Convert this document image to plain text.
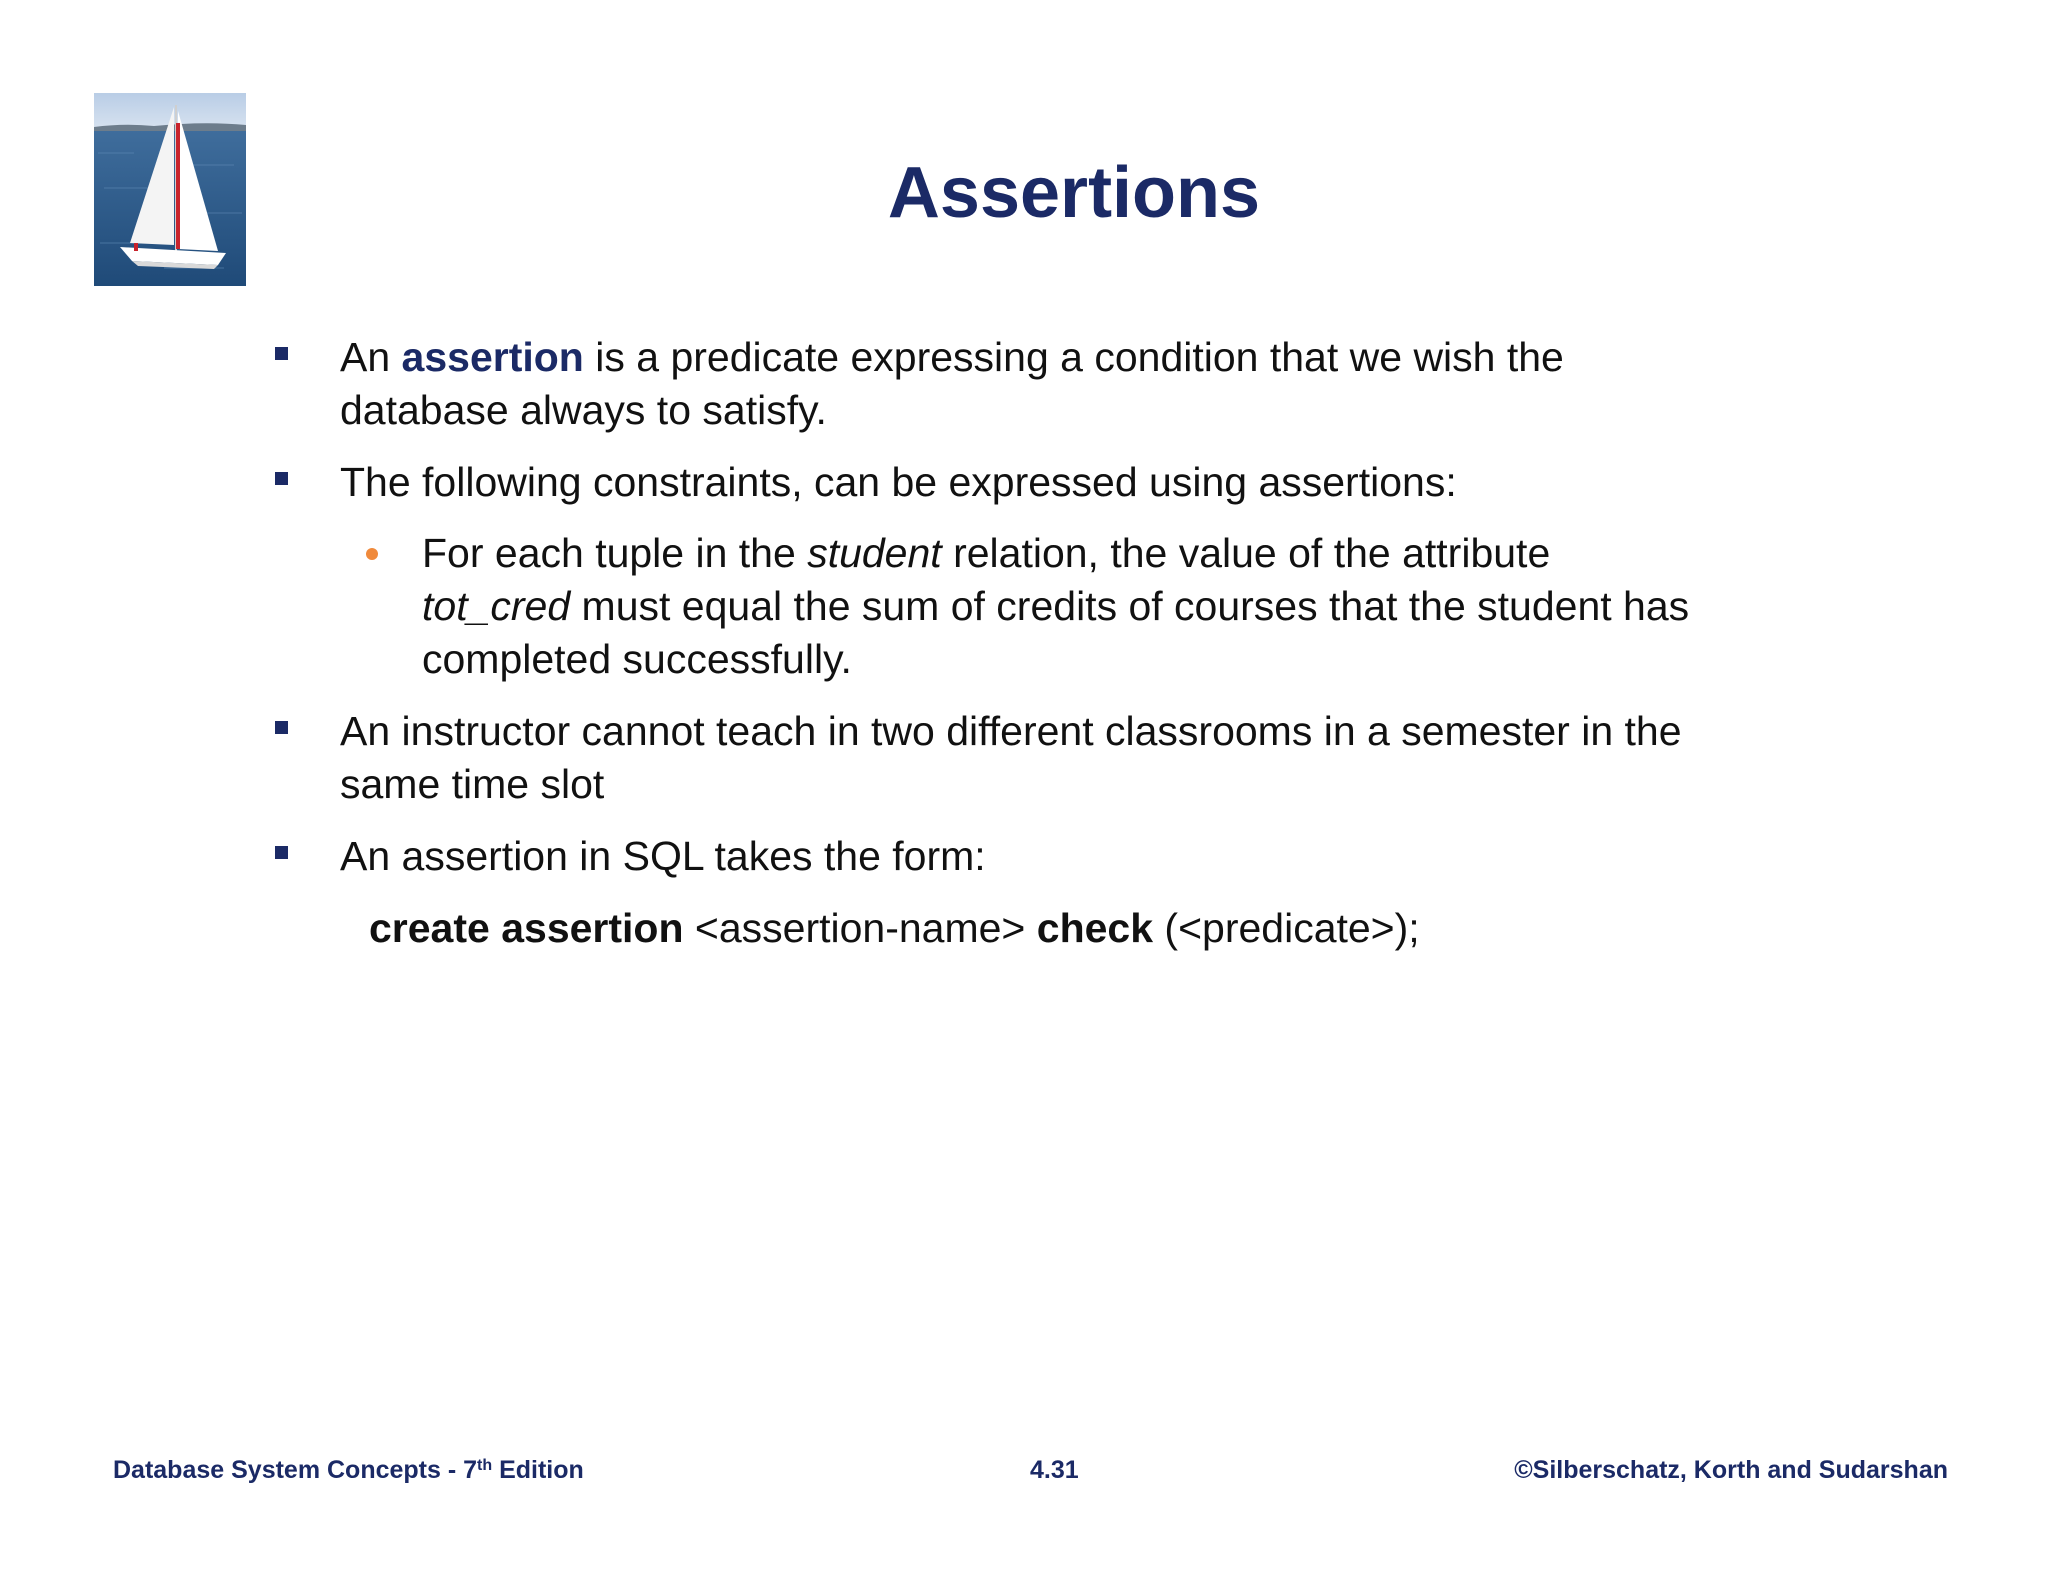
Assertions
An assertion is a predicate expressing a condition that we wish the
database always to satisfy.
The following constraints, can be expressed using assertions:
For each tuple in the student relation, the value of the attribute
tot_cred must equal the sum of credits of courses that the student has
completed successfully.
An instructor cannot teach in two different classrooms in a semester in the
same time slot
An assertion in SQL takes the form:
create assertion <assertion-name> check (<predicate>);
Database System Concepts - 7th Edition	4.31	©Silberschatz, Korth and Sudarshan
